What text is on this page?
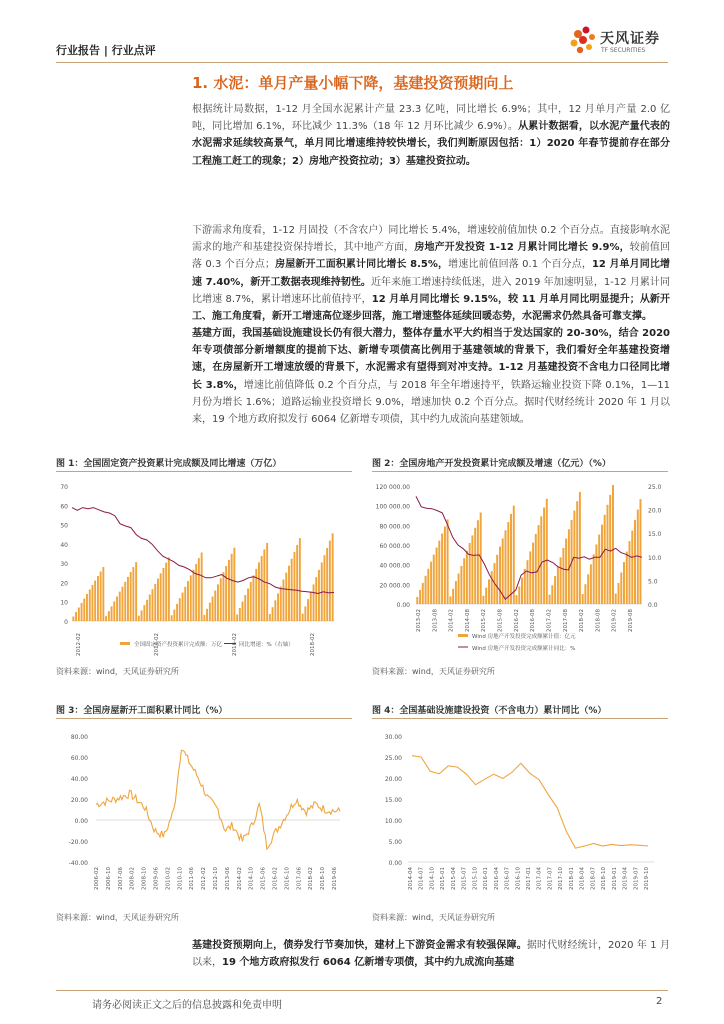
行业报告 | 行业点评
天风证券
TF SECURITIES
1. 水泥：单月产量小幅下降，基建投资预期向上

根据统计局数据，1-12 月全国水泥累计产量 23.3 亿吨，同比增长 6.9%；其中，12 月单月产量 2.0 亿吨，同比增加 6.1%，环比减少 11.3%（18 年 12 月环比减少 6.9%）。从累计数据看，以水泥产量代表的水泥需求延续较高景气，单月同比增速维持较快增长，我们判断原因包括：1）2020 年春节提前存在部分工程施工赶工的现象；2）房地产投资拉动；3）基建投资拉动。

下游需求角度看，1-12 月固投（不含农户）同比增长 5.4%，增速较前值加快 0.2 个百分点。直接影响水泥需求的地产和基建投资保持增长，其中地产方面，房地产开发投资 1-12 月累计同比增长 9.9%，较前值回落 0.3 个百分点；房屋新开工面积累计同比增长 8.5%，增速比前值回落 0.1 个百分点，12 月单月同比增速 7.40%，新开工数据表现维持韧性。近年来施工增速持续低迷，进入 2019 年加速明显，1-12 月累计同比增速 8.7%，累计增速环比前值持平，12 月单月同比增长 9.15%，较 11 月单月同比明显提升；从新开工、施工角度看，新开工增速高位逐步回落，施工增速整体延续回暖态势，水泥需求仍然具备可靠支撑。

基建方面，我国基础设施建设长仍有很大潜力，整体存量水平大约相当于发达国家的 20-30%，结合 2020 年专项债部分新增额度的提前下达、新增专项债高比例用于基建领域的背景下，我们看好全年基建投资增速，在房屋新开工增速放缓的背景下，水泥需求有望得到对冲支持。1-12 月基建投资不含电力口径同比增长 3.8%，增速比前值降低 0.2 个百分点，与 2018 年全年增速持平，铁路运输业投资下降 0.1%，1—11 月份为增长 1.6%；道路运输业投资增长 9.0%，增速加快 0.2 个百分点。据时代财经统计 2020 年 1 月以来，19 个地方政府拟发行 6064 亿新增专项债，其中约九成流向基建领域。

图 1：全国固定资产投资累计完成额及同比增速（万亿）
70
60
50
40
30
20
10
0
2012-02	2014-02	2016-02	2018-02
全国固定资产投资累计完成额：万亿	同比增速：%（右轴）
资料来源：wind，天风证券研究所
图 2：全国房地产开发投资累计完成额及增速（亿元）（%）
120 000.00
100 000.00
80 000.00
60 000.00
40 000.00
20 000.00
0.00
25.0
20.0
15.0
10.0
5.0
0.0
2013-02 2013-08 2014-02 2014-08 2015-02 2015-08 2016-02 2016-08 2017-02 2017-08 2018-02 2018-08 2019-02 2019-08
Wind 房地产开发投资完成额累计值：亿元
Wind 房地产开发投资完成额累计同比：%
资料来源：wind，天风证券研究所
图 3：全国房屋新开工面积累计同比（%）
80.00
60.00
40.00
20.00
0.00
-20.00
-40.00
2006-02 2006-10 2007-06 2008-02 2008-10 2009-06 2010-02 2010-10 2011-06 2012-02 2012-10 2013-06 2014-02 2014-10 2015-06 2016-02 2016-10 2017-06 2018-02 2018-10 2019-06
资料来源：wind，天风证券研究所
图 4：全国基础设施建设投资（不含电力）累计同比（%）
30.00
25.00
20.00
15.00
10.00
5.00
0.00
2014-04 2014-07 2014-10 2015-01 2015-04 2015-07 2015-10 2016-01 2016-04 2016-07 2016-10 2017-01 2017-04 2017-07 2017-10 2018-01 2018-04 2018-07 2018-10 2019-01 2019-04 2019-07 2019-10
资料来源：wind，天风证券研究所

基建投资预期向上，债券发行节奏加快，建材上下游资金需求有较强保障。据时代财经统计，2020 年 1 月以来，19 个地方政府拟发行 6064 亿新增专项债，其中约九成流向基建

请务必阅读正文之后的信息披露和免责申明	2
